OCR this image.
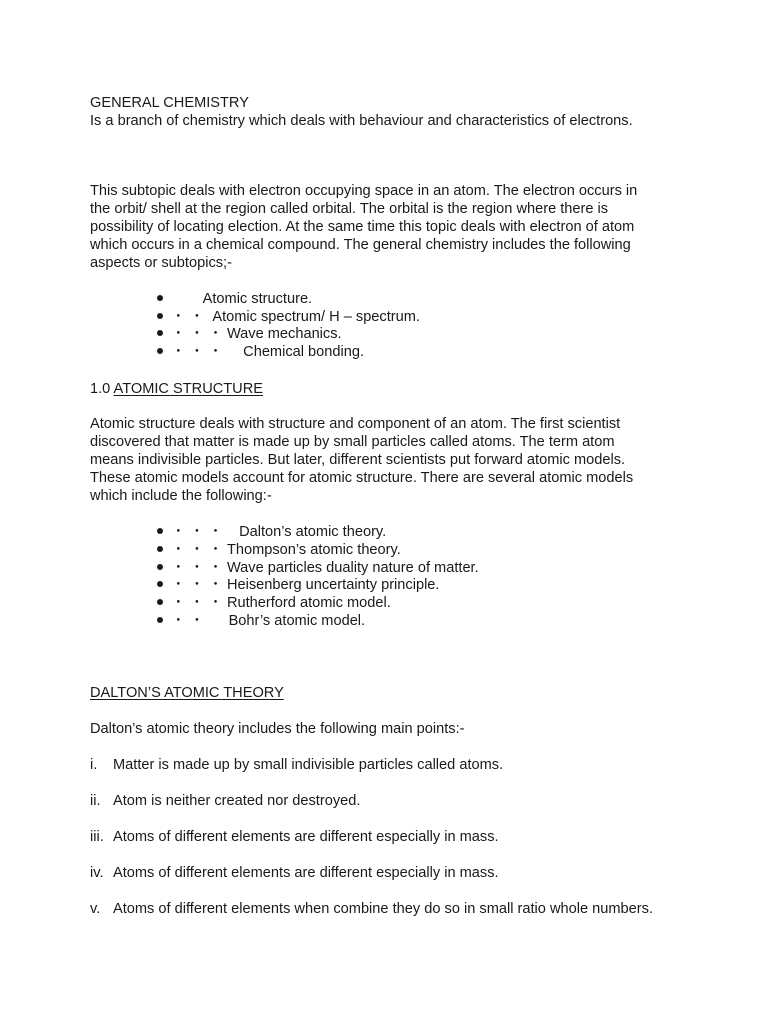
GENERAL CHEMISTRY
Is a branch of chemistry which deals with behaviour and characteristics of electrons.
This subtopic deals with electron occupying space in an atom. The electron occurs in
the orbit/ shell at the region called orbital. The orbital is the region where there is
possibility of locating election. At the same time this topic deals with electron of atom
which occurs in a chemical compound. The general chemistry includes the following
aspects or subtopics;-
Atomic structure.
・ ・  Atomic spectrum/ H – spectrum.
・ ・ ・ Wave mechanics.
・ ・ ・     Chemical bonding.
1.0 ATOMIC STRUCTURE
Atomic structure deals with structure and component of an atom. The first scientist
discovered that matter is made up by small particles called atoms. The term atom
means indivisible particles. But later, different scientists put forward atomic models.
These atomic models account for atomic structure. There are several atomic models
which include the following:-
・ ・ ・    Dalton’s atomic theory.
・ ・ ・ Thompson’s atomic theory.
・ ・ ・ Wave particles duality nature of matter.
・ ・ ・ Heisenberg uncertainty principle.
・ ・ ・ Rutherford atomic model.
・ ・      Bohr’s atomic model.
DALTON’S ATOMIC THEORY
Dalton’s atomic theory includes the following main points:-
i.	Matter is made up by small indivisible particles called atoms.
ii. Atom is neither created nor destroyed.
iii. Atoms of different elements are different especially in mass.
iv. Atoms of different elements are different especially in mass.
v. Atoms of different elements when combine they do so in small ratio whole numbers.
